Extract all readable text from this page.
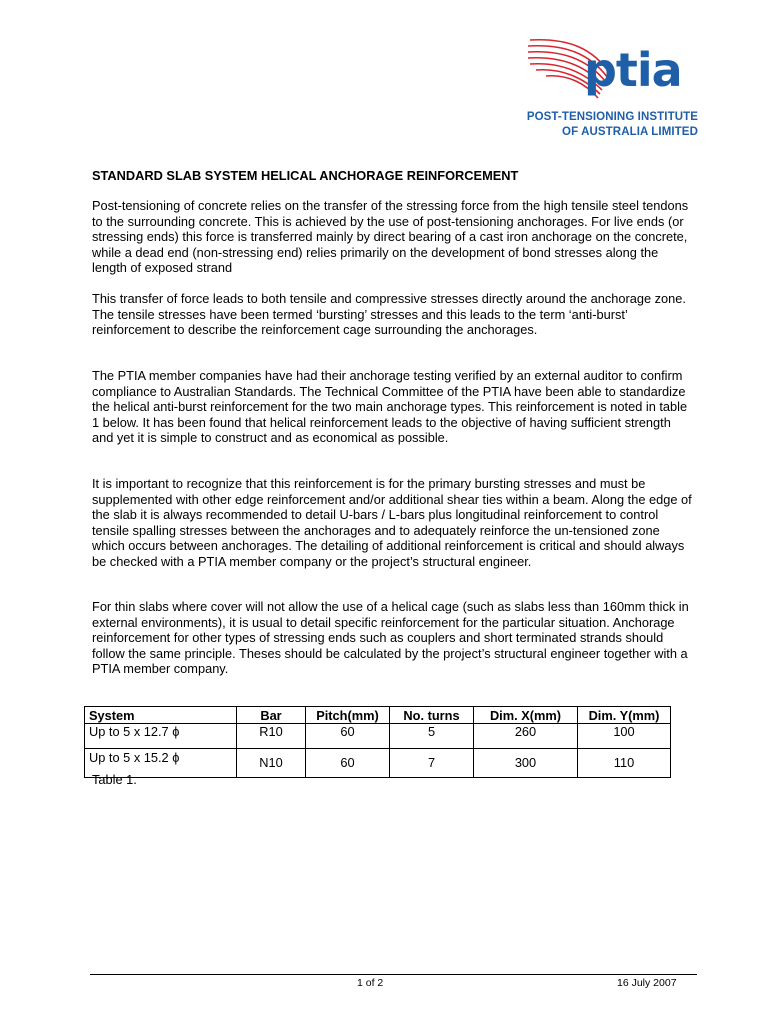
ptia
POST-TENSIONING INSTITUTE
OF AUSTRALIA LIMITED
STANDARD SLAB SYSTEM HELICAL ANCHORAGE REINFORCEMENT

Post-tensioning of concrete relies on the transfer of the stressing force from the high tensile steel tendons to the surrounding concrete. This is achieved by the use of post-tensioning anchorages. For live ends (or stressing ends) this force is transferred mainly by direct bearing of a cast iron anchorage on the concrete, while a dead end (non-stressing end) relies primarily on the development of bond stresses along the length of exposed strand

This transfer of force leads to both tensile and compressive stresses directly around the anchorage zone. The tensile stresses have been termed ‘bursting’ stresses and this leads to the term ‘anti-burst’ reinforcement to describe the reinforcement cage surrounding the anchorages.

The PTIA member companies have had their anchorage testing verified by an external auditor to confirm compliance to Australian Standards. The Technical Committee of the PTIA have been able to standardize the helical anti-burst reinforcement for the two main anchorage types. This reinforcement is noted in table 1 below. It has been found that helical reinforcement leads to the objective of having sufficient strength and yet it is simple to construct and as economical as possible.

It is important to recognize that this reinforcement is for the primary bursting stresses and must be supplemented with other edge reinforcement and/or additional shear ties within a beam. Along the edge of the slab it is always recommended to detail U-bars / L-bars plus longitudinal reinforcement to control tensile spalling stresses between the anchorages and to adequately reinforce the un-tensioned zone which occurs between anchorages. The detailing of additional reinforcement is critical and should always be checked with a PTIA member company or the project’s structural engineer.

For thin slabs where cover will not allow the use of a helical cage (such as slabs less than 160mm thick in external environments), it is usual to detail specific reinforcement for the particular situation. Anchorage reinforcement for other types of stressing ends such as couplers and short terminated strands should follow the same principle. Theses should be calculated by the project’s structural engineer together with a PTIA member company.

System	Bar	Pitch(mm)	No. turns	Dim. X(mm)	Dim. Y(mm)
Up to 5 x 12.7 ϕ	R10	60	5	260	100
Up to 5 x 15.2 ϕ	N10	60	7	300	110
Table 1.
1 of 2	16 July 2007
